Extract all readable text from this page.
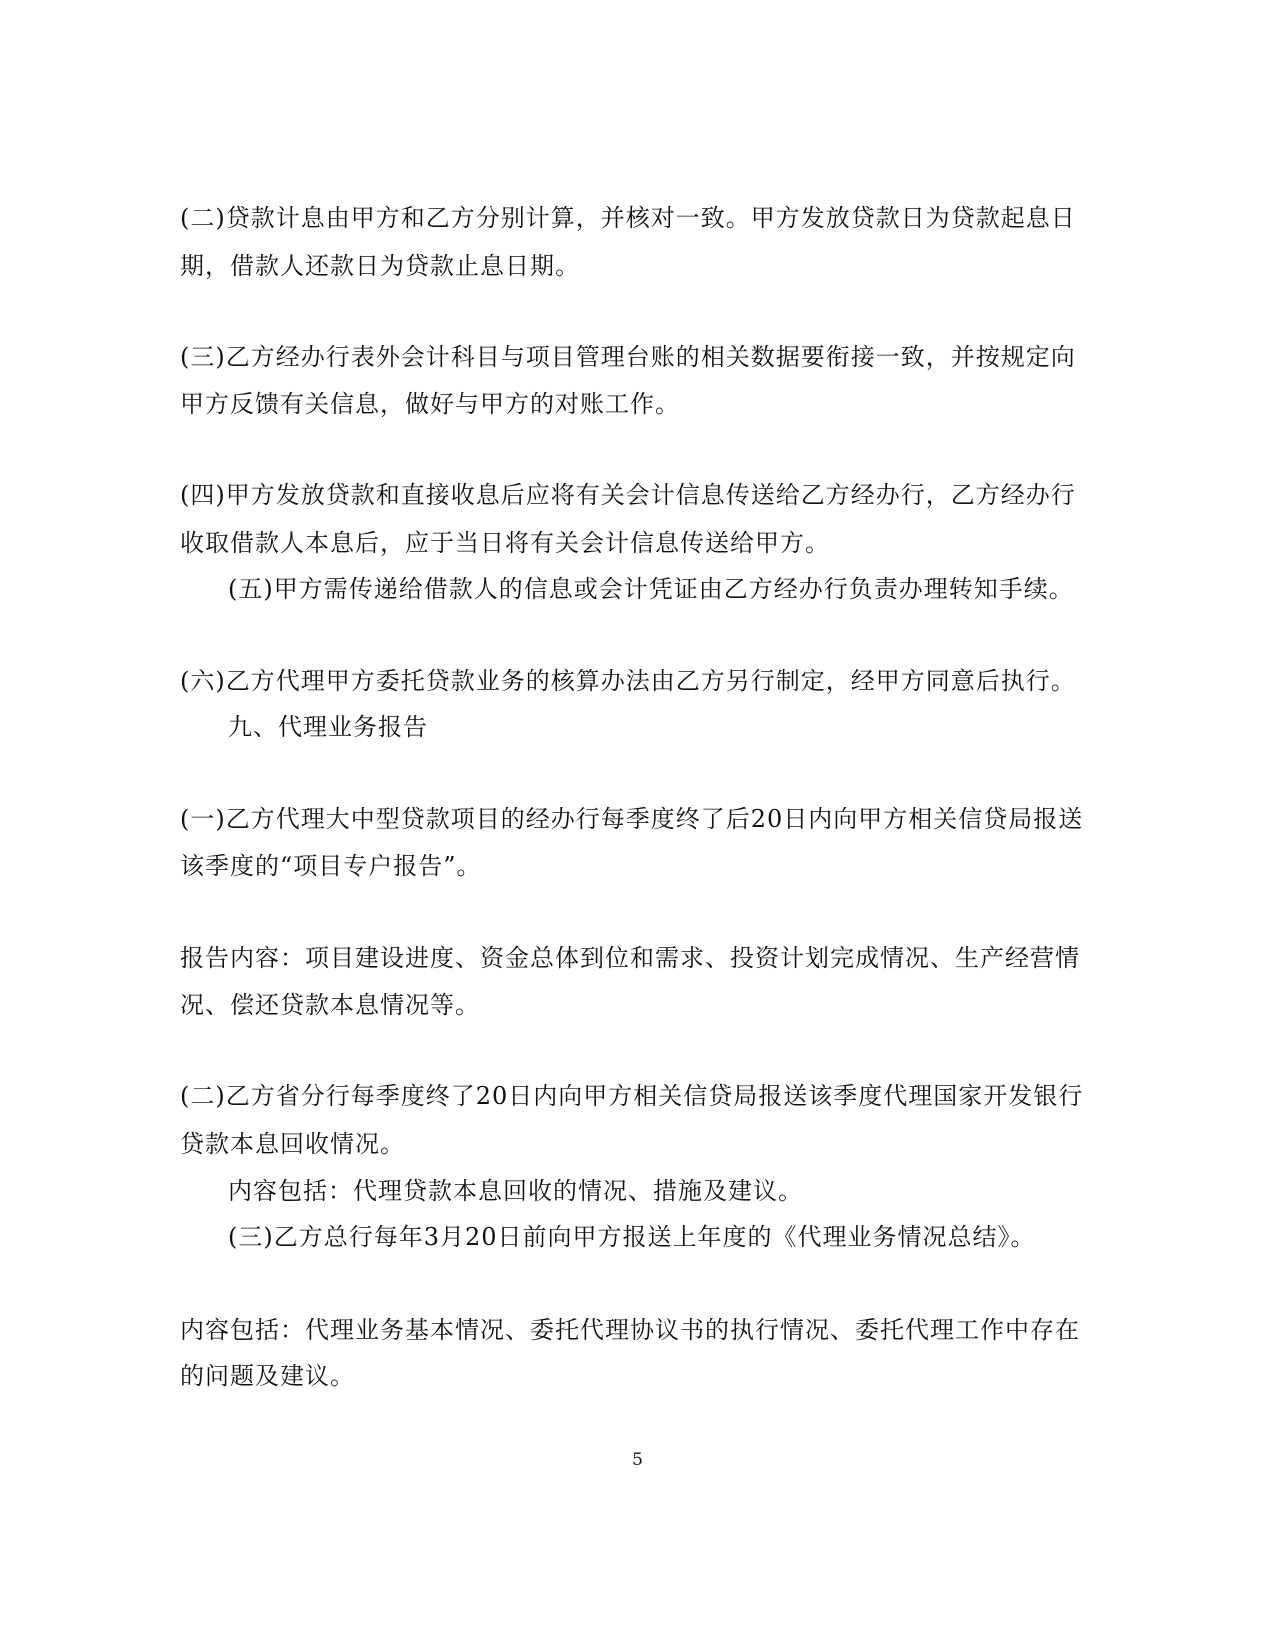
(二)贷款计息由甲方和乙方分别计算，并核对一致。甲方发放贷款日为贷款起息日
期，借款人还款日为贷款止息日期。
(三)乙方经办行表外会计科目与项目管理台账的相关数据要衔接一致，并按规定向
甲方反馈有关信息，做好与甲方的对账工作。
(四)甲方发放贷款和直接收息后应将有关会计信息传送给乙方经办行，乙方经办行
收取借款人本息后，应于当日将有关会计信息传送给甲方。
(五)甲方需传递给借款人的信息或会计凭证由乙方经办行负责办理转知手续。
(六)乙方代理甲方委托贷款业务的核算办法由乙方另行制定，经甲方同意后执行。
九、代理业务报告
(一)乙方代理大中型贷款项目的经办行每季度终了后20日内向甲方相关信贷局报送
该季度的“项目专户报告”。
报告内容：项目建设进度、资金总体到位和需求、投资计划完成情况、生产经营情
况、偿还贷款本息情况等。
(二)乙方省分行每季度终了20日内向甲方相关信贷局报送该季度代理国家开发银行
贷款本息回收情况。
内容包括：代理贷款本息回收的情况、措施及建议。
(三)乙方总行每年3月20日前向甲方报送上年度的《代理业务情况总结》。
内容包括：代理业务基本情况、委托代理协议书的执行情况、委托代理工作中存在
的问题及建议。
5
